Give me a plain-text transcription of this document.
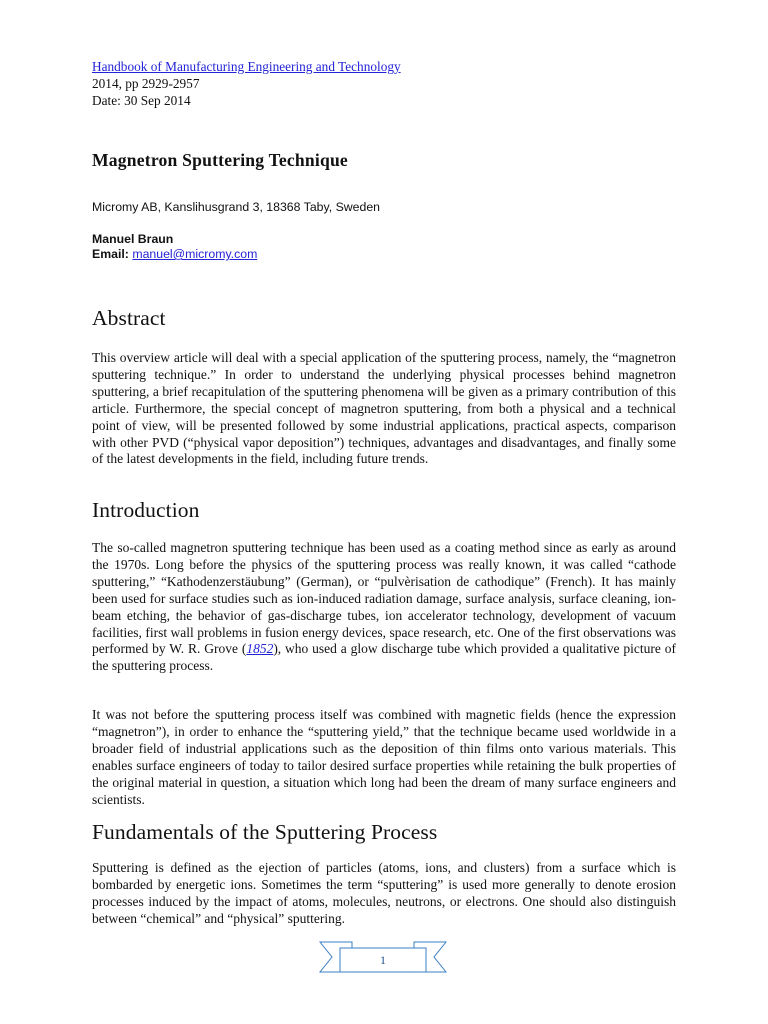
Handbook of Manufacturing Engineering and Technology

2014, pp 2929-2957

Date: 30 Sep 2014

Magnetron Sputtering Technique

Micromy AB, Kanslihusgrand 3, 18368 Taby, Sweden

Manuel Braun

Email: manuel@micromy.com

Abstract

This overview article will deal with a special application of the sputtering process, namely, the “magnetron sputtering technique.” In order to understand the underlying physical processes behind magnetron sputtering, a brief recapitulation of the sputtering phenomena will be given as a primary contribution of this article. Furthermore, the special concept of magnetron sputtering, from both a physical and a technical point of view, will be presented followed by some industrial applications, practical aspects, comparison with other PVD (“physical vapor deposition”) techniques, advantages and disadvantages, and finally some of the latest developments in the field, including future trends.

Introduction

The so-called magnetron sputtering technique has been used as a coating method since as early as around the 1970s. Long before the physics of the sputtering process was really known, it was called “cathode sputtering,” “Kathodenzerstäubung” (German), or “pulvèrisation de cathodique” (French). It has mainly been used for surface studies such as ion-induced radiation damage, surface analysis, surface cleaning, ion-beam etching, the behavior of gas-discharge tubes, ion accelerator technology, development of vacuum facilities, first wall problems in fusion energy devices, space research, etc. One of the first observations was performed by W. R. Grove (1852), who used a glow discharge tube which provided a qualitative picture of the sputtering process.

It was not before the sputtering process itself was combined with magnetic fields (hence the expression “magnetron”), in order to enhance the “sputtering yield,” that the technique became used worldwide in a broader field of industrial applications such as the deposition of thin films onto various materials. This enables surface engineers of today to tailor desired surface properties while retaining the bulk properties of the original material in question, a situation which long had been the dream of many surface engineers and scientists.

Fundamentals of the Sputtering Process

Sputtering is defined as the ejection of particles (atoms, ions, and clusters) from a surface which is bombarded by energetic ions. Sometimes the term “sputtering” is used more generally to denote erosion processes induced by the impact of atoms, molecules, neutrons, or electrons. One should also distinguish between “chemical” and “physical” sputtering.

1
